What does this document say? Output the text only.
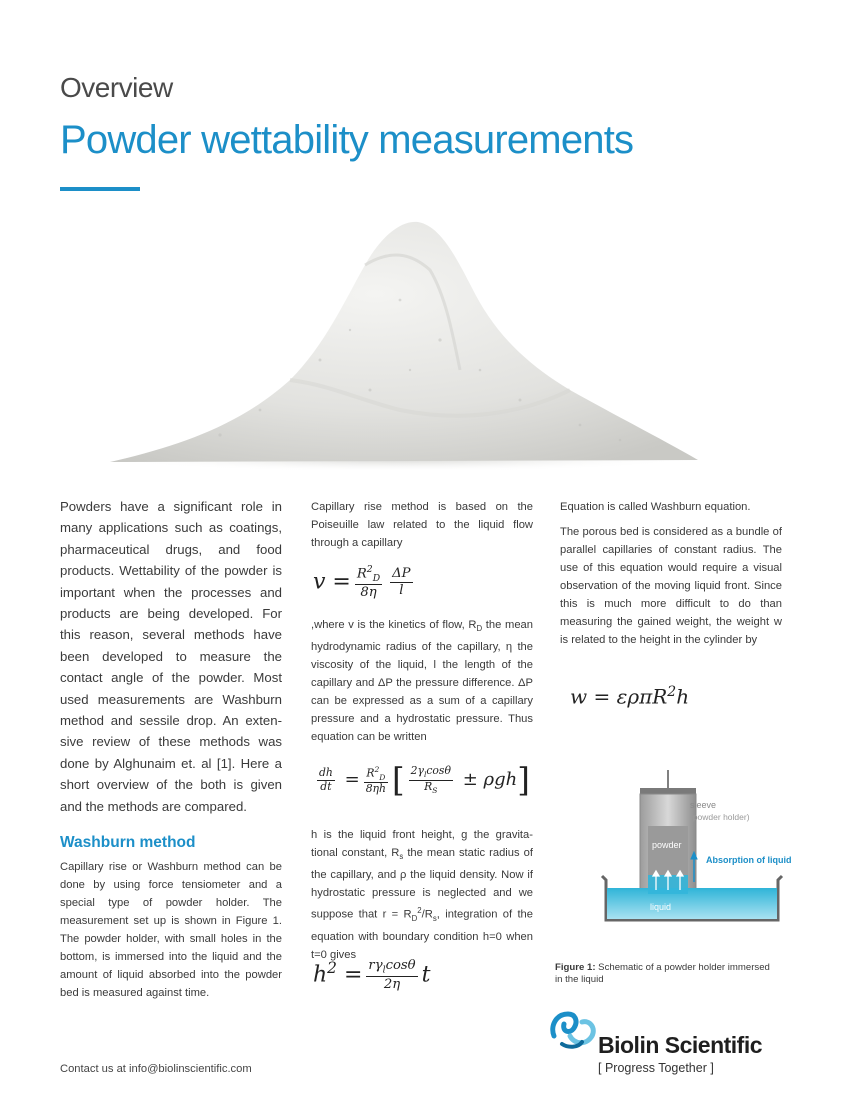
Overview
Powder wettability measurements

Powders have a significant role in many applications such as coatings, pharmaceutical drugs, and food products. Wettability of the powder is important when the processes and products are being developed. For this reason, several methods have been developed to measure the contact angle of the powder. Most used measurements are Washburn method and sessile drop. An exten-sive review of these methods was done by Alghunaim et. al [1]. Here a short overview of the both is given and the methods are compared.

Washburn method

Capillary rise or Washburn method can be done by using force tensiometer and a special type of powder holder. The measurement set up is shown in Figure 1. The powder holder, with small holes in the bottom, is immersed into the liquid and the amount of liquid absorbed into the powder bed is measured against time.

Capillary rise method is based on the Poiseuille law related to the liquid flow through a capillary

$v = \frac{R^2_D}{8\eta} \frac{\Delta P}{l}$

,where v is the kinetics of flow, $R_D$ the mean hydrodynamic radius of the capillary, η the viscosity of the liquid, l the length of the capillary and ΔP the pressure difference. ΔP can be expressed as a sum of a capillary pressure and a hydrostatic pressure. Thus equation can be written

$\frac{dh}{dt} = \frac{R^2_D}{8\eta h}$ [ $\frac{2\gamma_l\cos\theta}{R_S} \pm \rho gh$]

h is the liquid front height, g the gravita-tional constant, $R_s$ the mean static radius of the capillary, and ρ the liquid density. Now if hydrostatic pressure is neglected and we suppose that $r = R_D^2/R_s$, integration of the equation with boundary condition h=0 when t=0 gives

$h^2 = \frac{r\gamma_l\cos\theta}{2\eta}$ t

Equation is called Washburn equation.

The porous bed is considered as a bundle of parallel capillaries of constant radius. The use of this equation would require a visual observation of the moving liquid front. Since this is much more difficult to do than measuring the gained weight, the weight w is related to the height in the cylinder by

w = ερπR$^2$h
powder
liquid
sleeve
(powder holder)
Absorption of liquid
Figure 1: Schematic of a powder holder immersed in the liquid
Contact us at info@biolinscientific.com
Biolin Scientific
[ Progress Together ]
